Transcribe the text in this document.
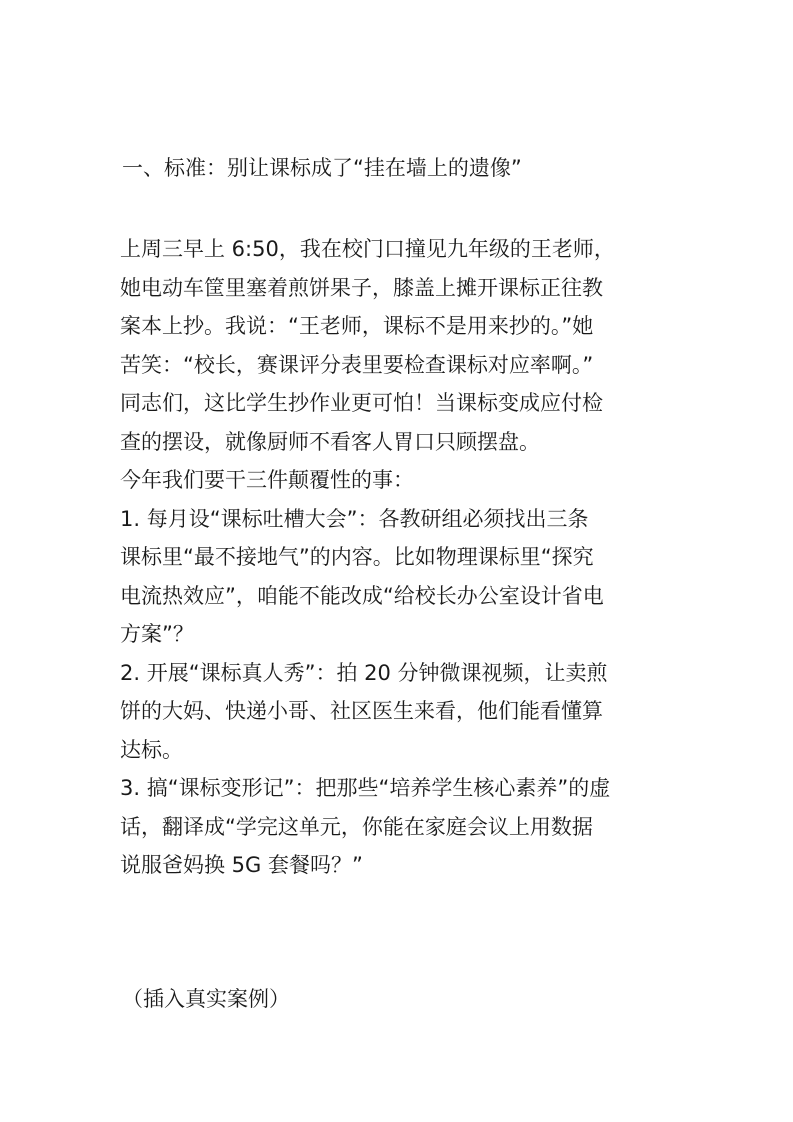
一、标准：别让课标成了“挂在墙上的遗像”
上周三早上 6:50，我在校门口撞见九年级的王老师，
她电动车筐里塞着煎饼果子，膝盖上摊开课标正往教
案本上抄。我说：“王老师，课标不是用来抄的。”她
苦笑：“校长，赛课评分表里要检查课标对应率啊。”
同志们，这比学生抄作业更可怕！当课标变成应付检
查的摆设，就像厨师不看客人胃口只顾摆盘。
今年我们要干三件颠覆性的事：
1. 每月设“课标吐槽大会”：各教研组必须找出三条
课标里“最不接地气”的内容。比如物理课标里“探究
电流热效应”，咱能不能改成“给校长办公室设计省电
方案”？
2. 开展“课标真人秀”：拍 20 分钟微课视频，让卖煎
饼的大妈、快递小哥、社区医生来看，他们能看懂算
达标。
3. 搞“课标变形记”：把那些“培养学生核心素养”的虚
话，翻译成“学完这单元，你能在家庭会议上用数据
说服爸妈换 5G 套餐吗？”
（插入真实案例）
